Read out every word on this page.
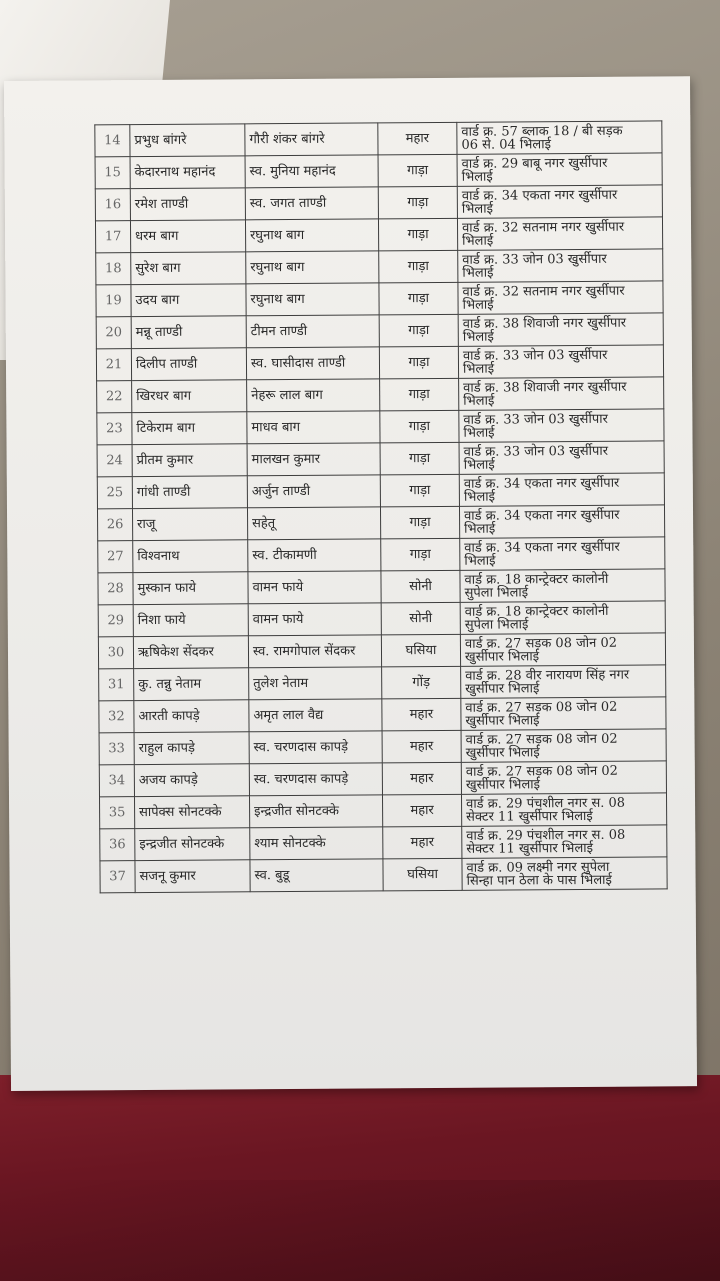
14	प्रभुध बांगरे	गौरी शंकर बांगरे	महार	वार्ड क्र. 57 ब्लाक 18 / बी सड़क
06 से. 04 भिलाई

15	केदारनाथ महानंद	स्व. मुनिया महानंद	गाड़ा	वार्ड क्र. 29 बाबू नगर खुर्सीपार
भिलाई

16	रमेश ताण्डी	स्व. जगत ताण्डी	गाड़ा	वार्ड क्र. 34 एकता नगर खुर्सीपार
भिलाई

17	धरम बाग	रघुनाथ बाग	गाड़ा	वार्ड क्र. 32 सतनाम नगर खुर्सीपार
भिलाई

18	सुरेश बाग	रघुनाथ बाग	गाड़ा	वार्ड क्र. 33 जोन 03 खुर्सीपार
भिलाई

19	उदय बाग	रघुनाथ बाग	गाड़ा	वार्ड क्र. 32 सतनाम नगर खुर्सीपार
भिलाई

20	मन्नू ताण्डी	टीमन ताण्डी	गाड़ा	वार्ड क्र. 38 शिवाजी नगर खुर्सीपार
भिलाई

21	दिलीप ताण्डी	स्व. घासीदास ताण्डी	गाड़ा	वार्ड क्र. 33 जोन 03 खुर्सीपार
भिलाई

22	खिरधर बाग	नेहरू लाल बाग	गाड़ा	वार्ड क्र. 38 शिवाजी नगर खुर्सीपार
भिलाई

23	टिकेराम बाग	माधव बाग	गाड़ा	वार्ड क्र. 33 जोन 03 खुर्सीपार
भिलाई

24	प्रीतम कुमार	मालखन कुमार	गाड़ा	वार्ड क्र. 33 जोन 03 खुर्सीपार
भिलाई

25	गांधी ताण्डी	अर्जुन ताण्डी	गाड़ा	वार्ड क्र. 34 एकता नगर खुर्सीपार
भिलाई

26	राजू	सहेतू	गाड़ा	वार्ड क्र. 34 एकता नगर खुर्सीपार
भिलाई

27	विश्वनाथ	स्व. टीकामणी	गाड़ा	वार्ड क्र. 34 एकता नगर खुर्सीपार
भिलाई

28	मुस्कान फाये	वामन फाये	सोनी	वार्ड क्र. 18 कान्ट्रेक्टर कालोनी
सुपेला भिलाई

29	निशा फाये	वामन फाये	सोनी	वार्ड क्र. 18 कान्ट्रेक्टर कालोनी
सुपेला भिलाई

30	ऋषिकेश सेंदकर	स्व. रामगोपाल सेंदकर	घसिया	वार्ड क्र. 27 सड़क 08 जोन 02
खुर्सीपार भिलाई

31	कु. तन्नु नेताम	तुलेश नेताम	गोंड़	वार्ड क्र. 28 वीर नारायण सिंह नगर
खुर्सीपार भिलाई

32	आरती कापड़े	अमृत लाल वैद्य	महार	वार्ड क्र. 27 सड़क 08 जोन 02
खुर्सीपार भिलाई

33	राहुल कापड़े	स्व. चरणदास कापड़े	महार	वार्ड क्र. 27 सड़क 08 जोन 02
खुर्सीपार भिलाई

34	अजय कापड़े	स्व. चरणदास कापड़े	महार	वार्ड क्र. 27 सड़क 08 जोन 02
खुर्सीपार भिलाई

35	सापेक्स सोनटक्के	इन्द्रजीत सोनटक्के	महार	वार्ड क्र. 29 पंचशील नगर स. 08
सेक्टर 11 खुर्सीपार भिलाई

36	इन्द्रजीत सोनटक्के	श्याम सोनटक्के	महार	वार्ड क्र. 29 पंचशील नगर स. 08
सेक्टर 11 खुर्सीपार भिलाई

37	सजनू कुमार	स्व. बुडू	घसिया	वार्ड क्र. 09 लक्ष्मी नगर सुपेला
सिन्हा पान ठेला के पास भिलाई
